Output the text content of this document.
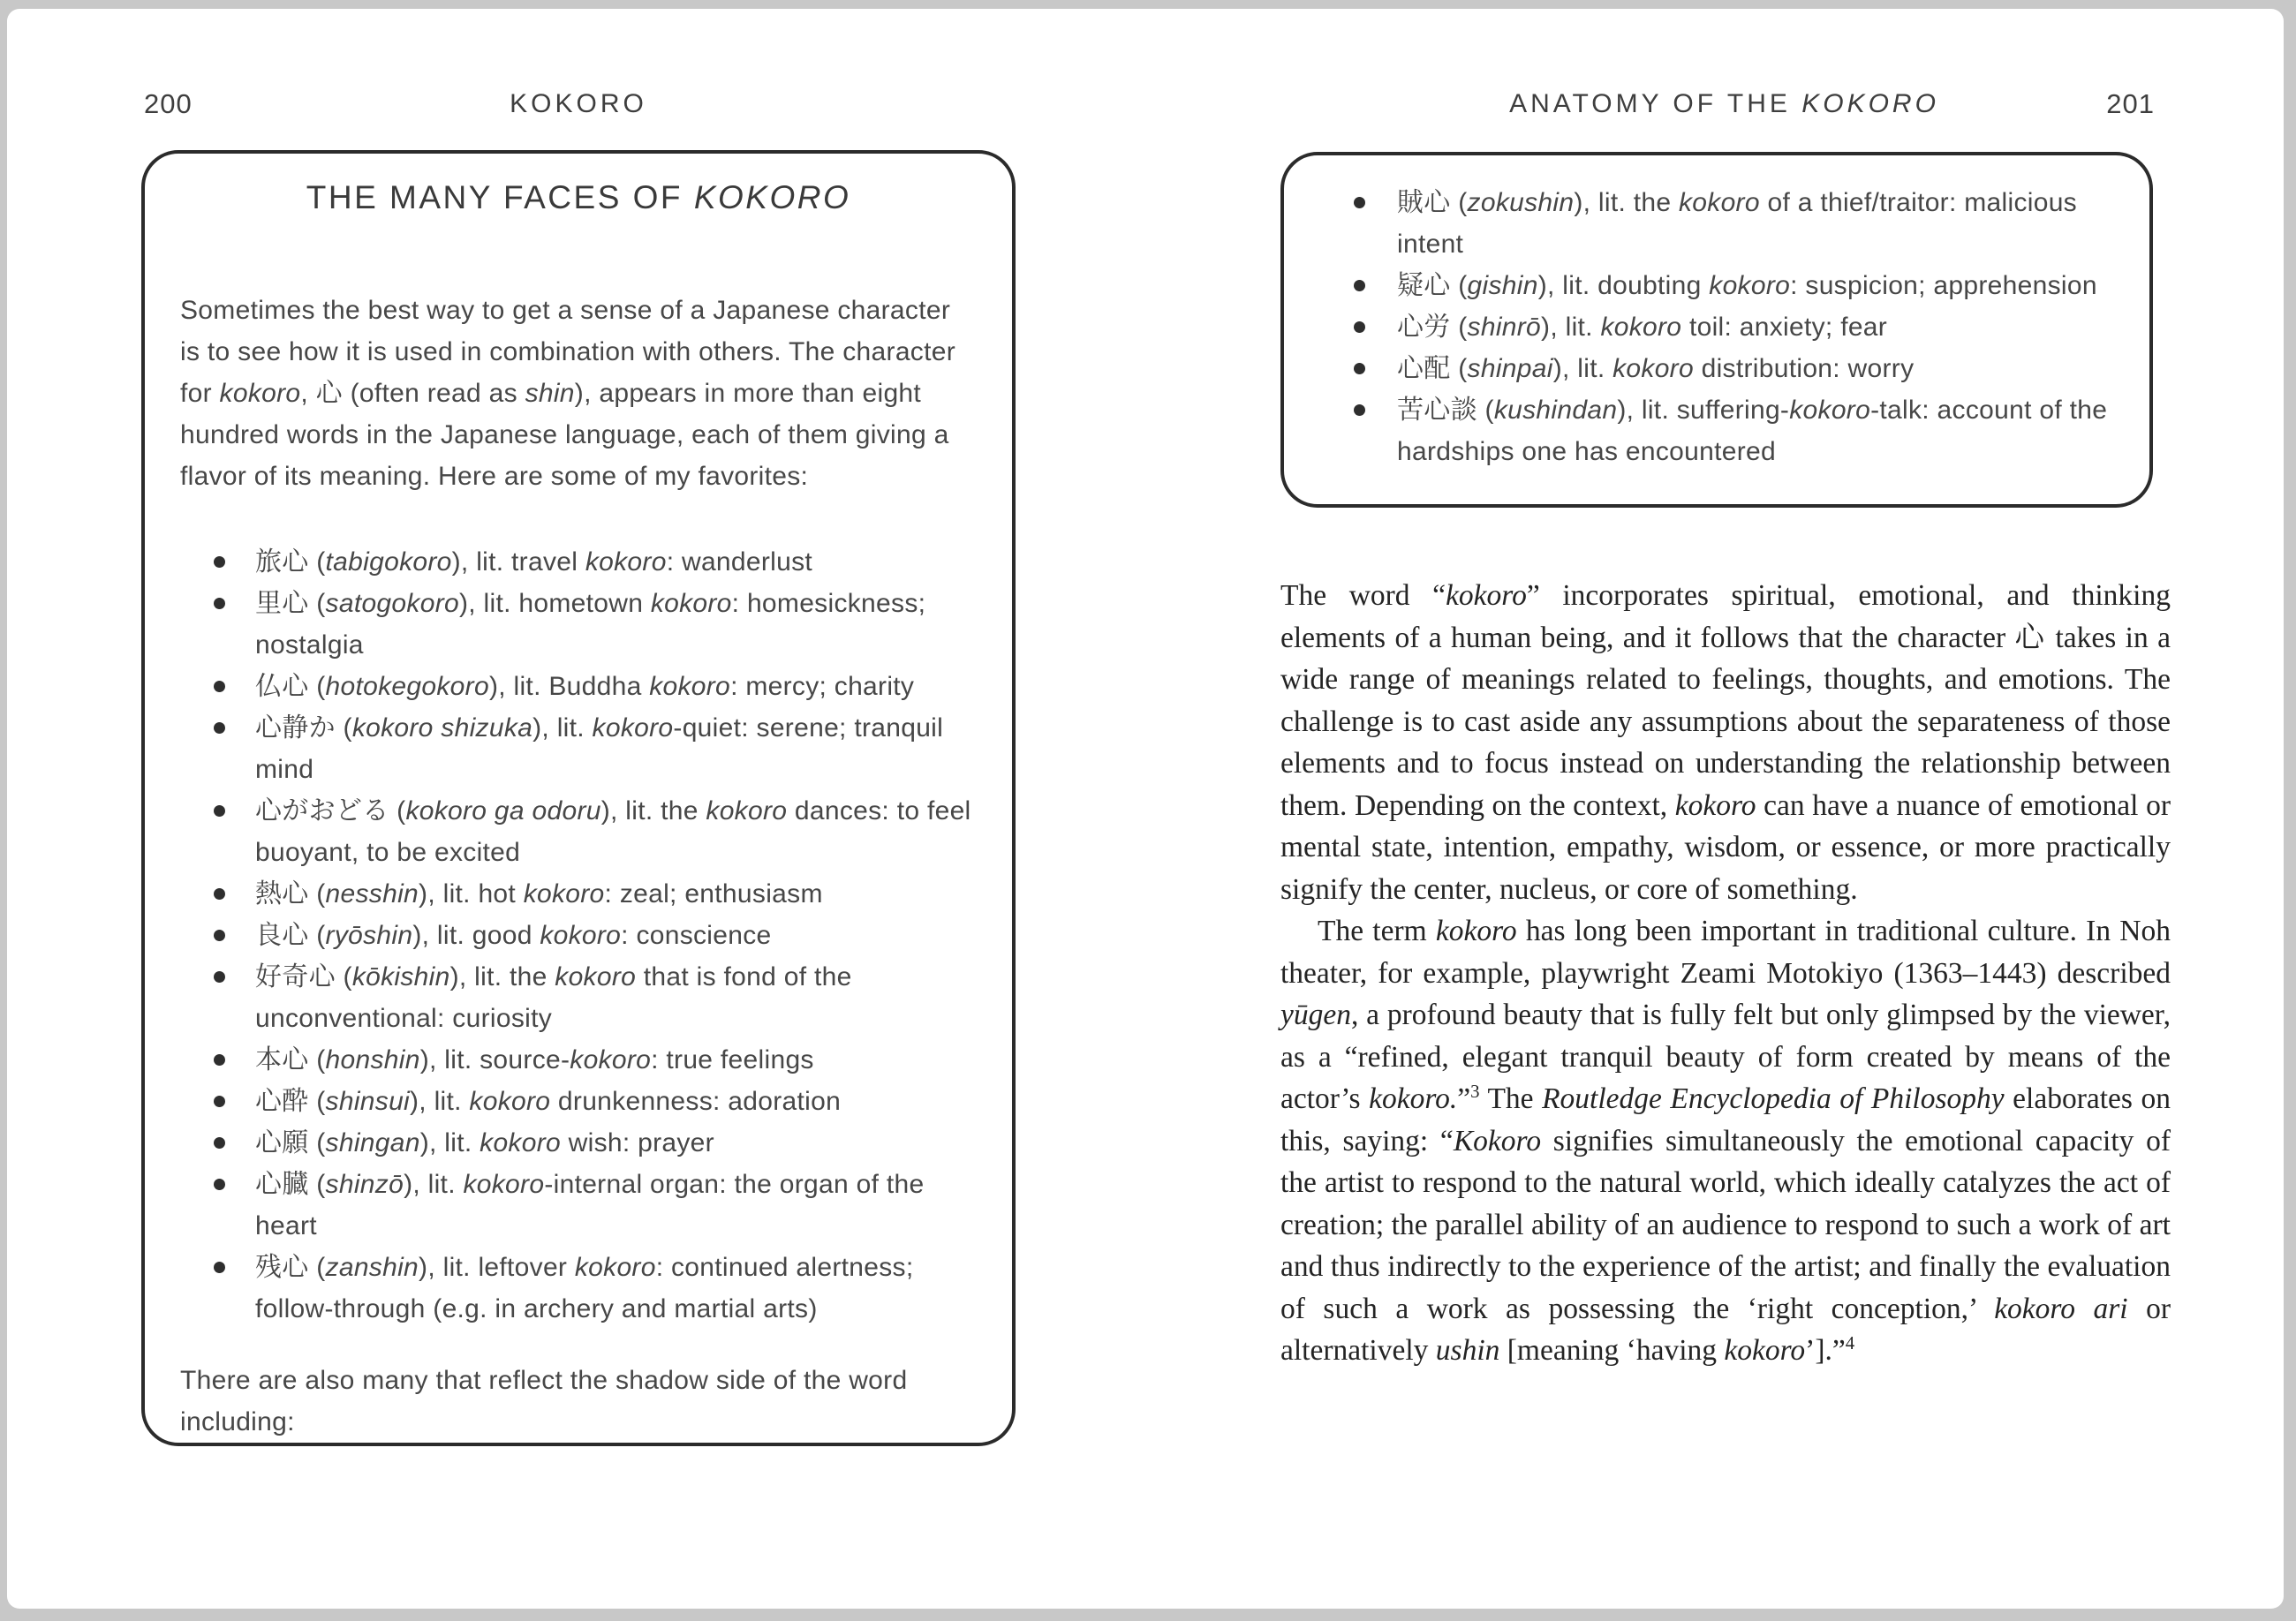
200	KOKORO
THE MANY FACES OF KOKORO
Sometimes the best way to get a sense of a Japanese character is to see how it is used in combination with others. The character for kokoro, 心 (often read as shin), appears in more than eight hundred words in the Japanese language, each of them giving a flavor of its meaning. Here are some of my favorites:
旅心 (tabigokoro), lit. travel kokoro: wanderlust
里心 (satogokoro), lit. hometown kokoro: homesickness; nostalgia
仏心 (hotokegokoro), lit. Buddha kokoro: mercy; charity
心静か (kokoro shizuka), lit. kokoro-quiet: serene; tranquil mind
心がおどる (kokoro ga odoru), lit. the kokoro dances: to feel buoyant, to be excited
熱心 (nesshin), lit. hot kokoro: zeal; enthusiasm
良心 (ryōshin), lit. good kokoro: conscience
好奇心 (kōkishin), lit. the kokoro that is fond of the unconventional: curiosity
本心 (honshin), lit. source-kokoro: true feelings
心酔 (shinsui), lit. kokoro drunkenness: adoration
心願 (shingan), lit. kokoro wish: prayer
心臓 (shinzō), lit. kokoro-internal organ: the organ of the heart
残心 (zanshin), lit. leftover kokoro: continued alertness; follow-through (e.g. in archery and martial arts)
There are also many that reflect the shadow side of the word including:
ANATOMY OF THE KOKORO	201
賊心 (zokushin), lit. the kokoro of a thief/traitor: malicious intent
疑心 (gishin), lit. doubting kokoro: suspicion; apprehension
心労 (shinrō), lit. kokoro toil: anxiety; fear
心配 (shinpai), lit. kokoro distribution: worry
苦心談 (kushindan), lit. suffering-kokoro-talk: account of the hardships one has encountered

The word “kokoro” incorporates spiritual, emotional, and thinking elements of a human being, and it follows that the character 心 takes in a wide range of meanings related to feelings, thoughts, and emotions. The challenge is to cast aside any assumptions about the separateness of those elements and to focus instead on understanding the relationship between them. Depending on the context, kokoro can have a nuance of emotional or mental state, intention, empathy, wisdom, or essence, or more practically signify the center, nucleus, or core of something.

The term kokoro has long been important in traditional culture. In Noh theater, for example, playwright Zeami Motokiyo (1363–1443) described yūgen, a profound beauty that is fully felt but only glimpsed by the viewer, as a “refined, elegant tranquil beauty of form created by means of the actor’s kokoro.”$^3$ The Routledge Encyclopedia of Philosophy elaborates on this, saying: “Kokoro signifies simultaneously the emotional capacity of the artist to respond to the natural world, which ideally catalyzes the act of creation; the parallel ability of an audience to respond to such a work of art and thus indirectly to the experience of the artist; and finally the evaluation of such a work as possessing the ‘right conception,’ kokoro ari or alternatively ushin [meaning ‘having kokoro’].”$^4$
